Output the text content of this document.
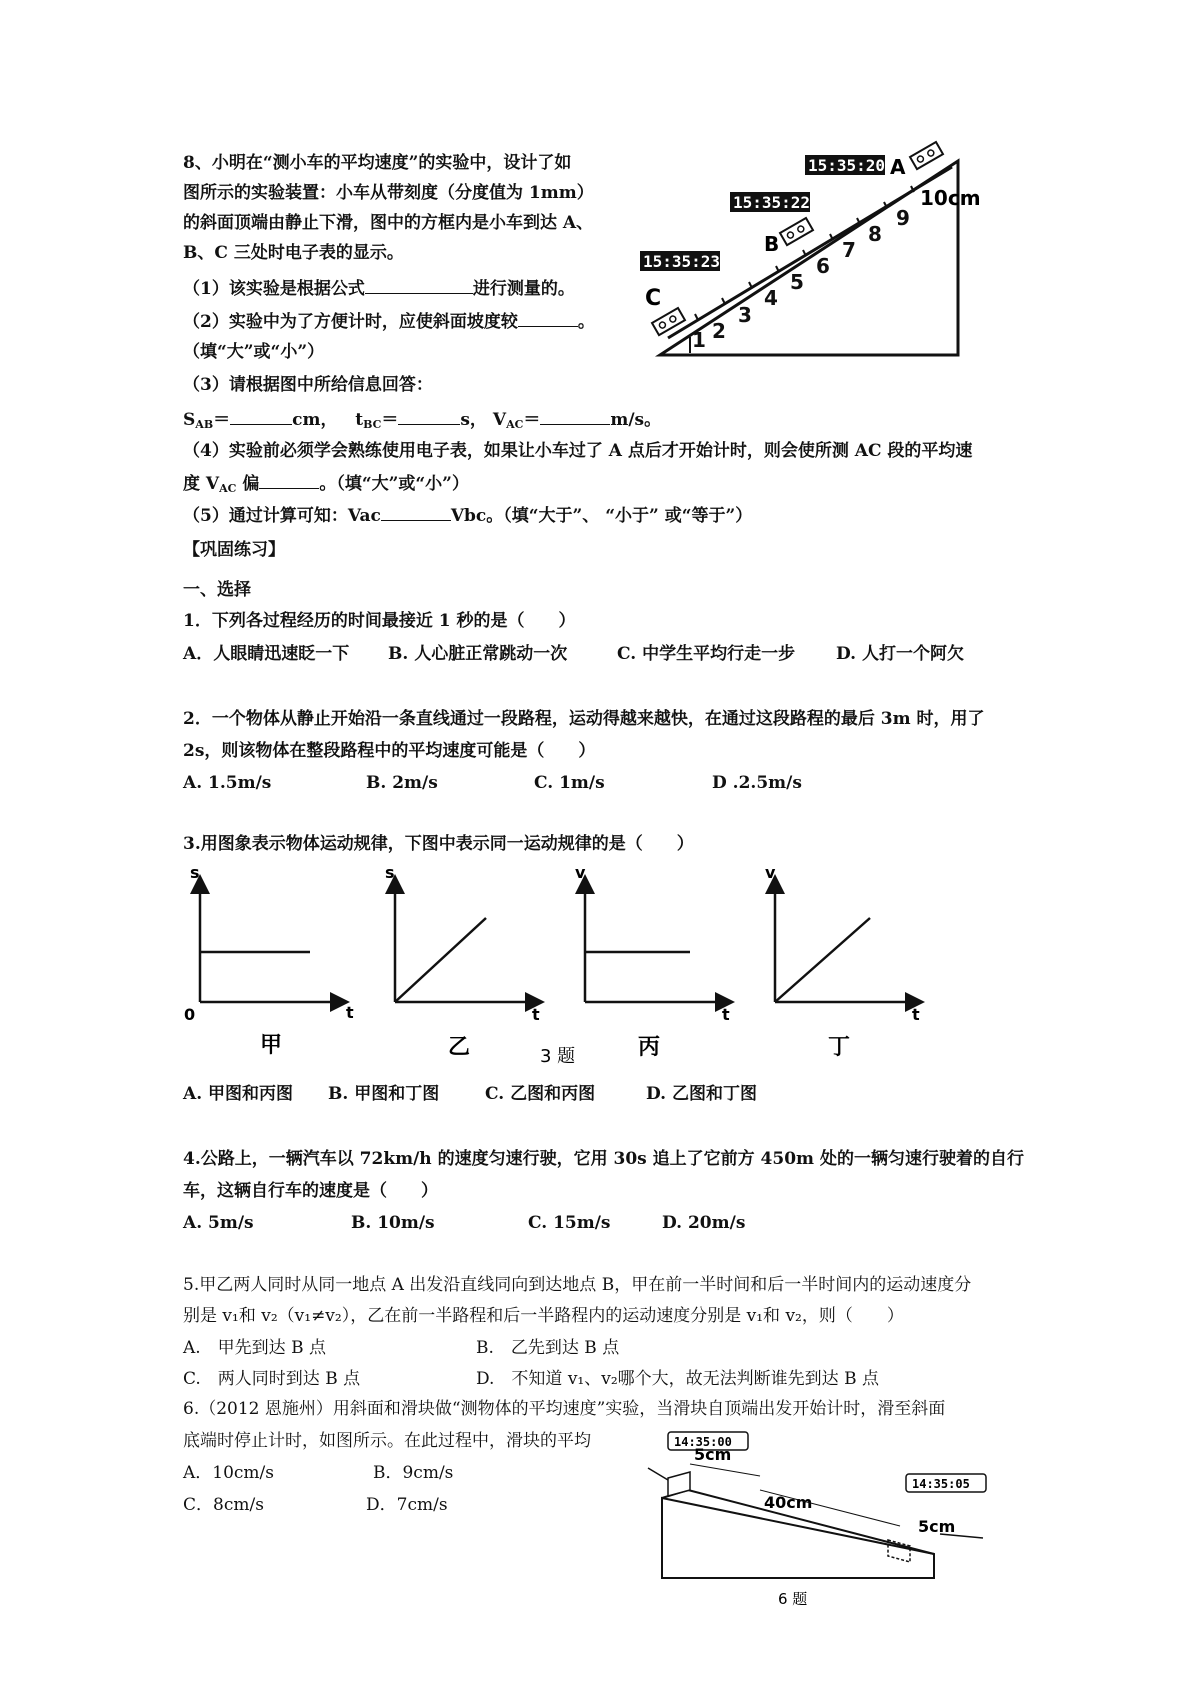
8、小明在“测小车的平均速度”的实验中，设计了如
图所示的实验装置：小车从带刻度（分度值为 1mm）
的斜面顶端由静止下滑，图中的方框内是小车到达 A、
B、C 三处时电子表的显示。
（1）该实验是根据公式	进行测量的。
（2）实验中为了方便计时，应使斜面坡度较	。
（填“大”或“小”）
（3）请根据图中所给信息回答：
$S_{AB}=$	cm， $t_{BC}=$	s， $V_{AC}=$	m/s。
（4）实验前必须学会熟练使用电子表，如果让小车过了 A 点后才开始计时，则会使所测 AC 段的平均速
度 $V_{AC}$ 偏	。（填“大”或“小”）
（5）通过计算可知：Vac	Vbc。（填“大于”、 “小于” 或“等于”）
1 2
3
4
5
6
7
8
9
10cm
15:35:20
15:35:22
15:35:23
A
B
C
【巩固练习】
一、选择
1．下列各过程经历的时间最接近 1 秒的是（　　）
A．人眼睛迅速眨一下 B. 人心脏正常跳动一次	C. 中学生平均行走一步 D. 人打一个阿欠
2．一个物体从静止开始沿一条直线通过一段路程，运动得越来越快，在通过这段路程的最后 3m 时，用了
2s，则该物体在整段路程中的平均速度可能是（　　）
A. 1.5m/s	B. 2m/s	C. 1m/s	D .2.5m/s
3.用图象表示物体运动规律，下图中表示同一运动规律的是（　　）
s
t
0
甲
s
t
乙
v
t
丙
v
t
丁
3 题
A. 甲图和丙图 B. 甲图和丁图	C. 乙图和丙图	D. 乙图和丁图
4.公路上，一辆汽车以 72km/h 的速度匀速行驶，它用 30s 追上了它前方 450m 处的一辆匀速行驶着的自行
车，这辆自行车的速度是（　　）
A. 5m/s	B. 10m/s	C. 15m/s	D. 20m/s
5.甲乙两人同时从同一地点 A 出发沿直线同向到达地点 B，甲在前一半时间和后一半时间内的运动速度分
别是 v₁和 v₂（v₁≠v₂），乙在前一半路程和后一半路程内的运动速度分别是 v₁和 v₂，则（　　）
A.　甲先到达 B 点	B.　乙先到达 B 点
C.　两人同时到达 B 点	D.　不知道 v₁、v₂哪个大，故无法判断谁先到达 B 点
6.（2012 恩施州）用斜面和滑块做“测物体的平均速度”实验，当滑块自顶端出发开始计时，滑至斜面
底端时停止计时，如图所示。在此过程中，滑块的平均
A．10cm/s	B．9cm/s
C．8cm/s	D．7cm/s
14:35:00
14:35:05
5cm
40cm
5cm
6 题
